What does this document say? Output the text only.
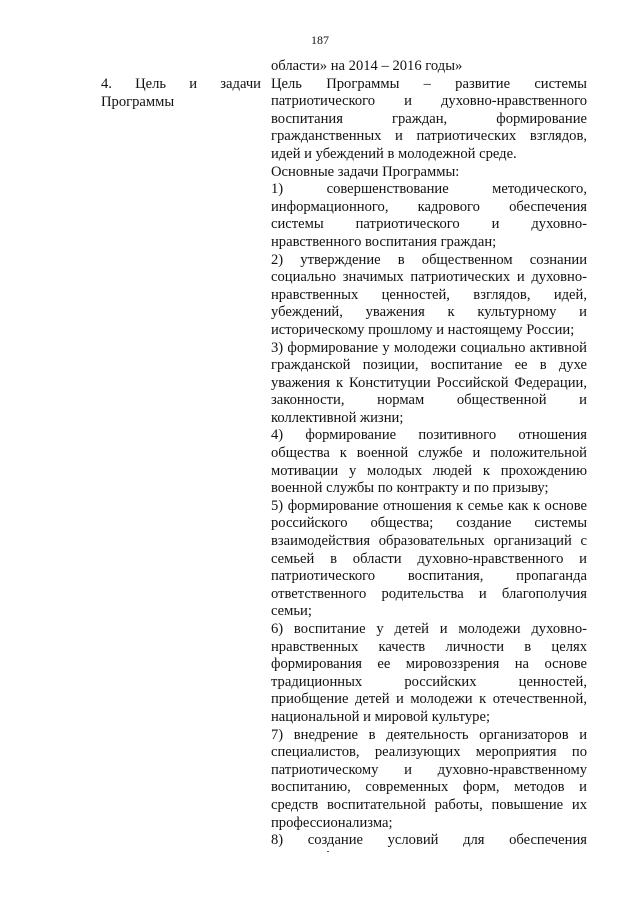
187
4. Цель и задачи
Программы

области» на 2014 – 2016 годы»

Цель Программы – развитие системы патриотического и духовно-нравственного воспитания граждан, формирование гражданственных и патриотических взглядов, идей и убеждений в молодежной среде.

Основные задачи Программы:

1) совершенствование методического, информационного, кадрового обеспечения системы патриотического и духовно-нравственного воспитания граждан;

2) утверждение в общественном сознании социально значимых патриотических и духовно-нравственных ценностей, взглядов, идей, убеждений, уважения к культурному и историческому прошлому и настоящему России;

3) формирование у молодежи социально активной гражданской позиции, воспитание ее в духе уважения к Конституции Российской Федерации, законности, нормам общественной и коллективной жизни;

4) формирование позитивного отношения общества к военной службе и положительной мотивации у молодых людей к прохождению военной службы по контракту и по призыву;

5) формирование отношения к семье как к основе российского общества; создание системы взаимодействия образовательных организаций с семьей в области духовно-нравственного и патриотического воспитания, пропаганда ответственного родительства и благополучия семьи;

6) воспитание у детей и молодежи духовно-нравственных качеств личности в целях формирования ее мировоззрения на основе традиционных российских ценностей, приобщение детей и молодежи к отечественной, национальной и мировой культуре;

7) внедрение в деятельность организаторов и специалистов, реализующих мероприятия по патриотическому и духовно-нравственному воспитанию, современных форм, методов и средств воспитательной работы, повышение их профессионализма;

8) создание условий для обеспечения
